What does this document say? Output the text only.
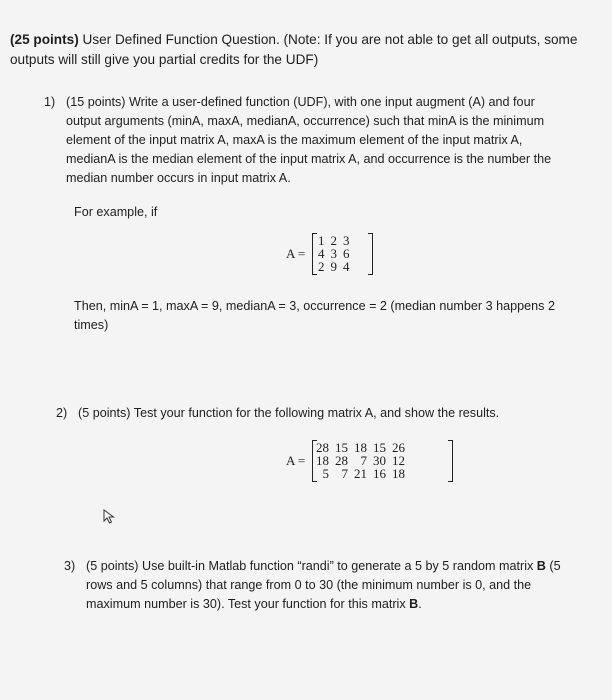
(25 points) User Defined Function Question. (Note: If you are not able to get all outputs, some
outputs will still give you partial credits for the UDF)
1) (15 points) Write a user-defined function (UDF), with one input augment (A) and four
output arguments (minA, maxA, medianA, occurrence) such that minA is the minimum
element of the input matrix A, maxA is the maximum element of the input matrix A,
medianA is the median element of the input matrix A, and occurrence is the number the
median number occurs in input matrix A.
For example, if
A =
1	2	3
4	3	6
2	9	4
Then, minA = 1, maxA = 9, medianA = 3, occurrence = 2 (median number 3 happens 2
times)
2) (5 points) Test your function for the following matrix A, and show the results.
A =
28	15	18	15	26
18	28	7	30	12
5	7	21	16	18
3) (5 points) Use built-in Matlab function “randi” to generate a 5 by 5 random matrix B (5
rows and 5 columns) that range from 0 to 30 (the minimum number is 0, and the
maximum number is 30). Test your function for this matrix B.
